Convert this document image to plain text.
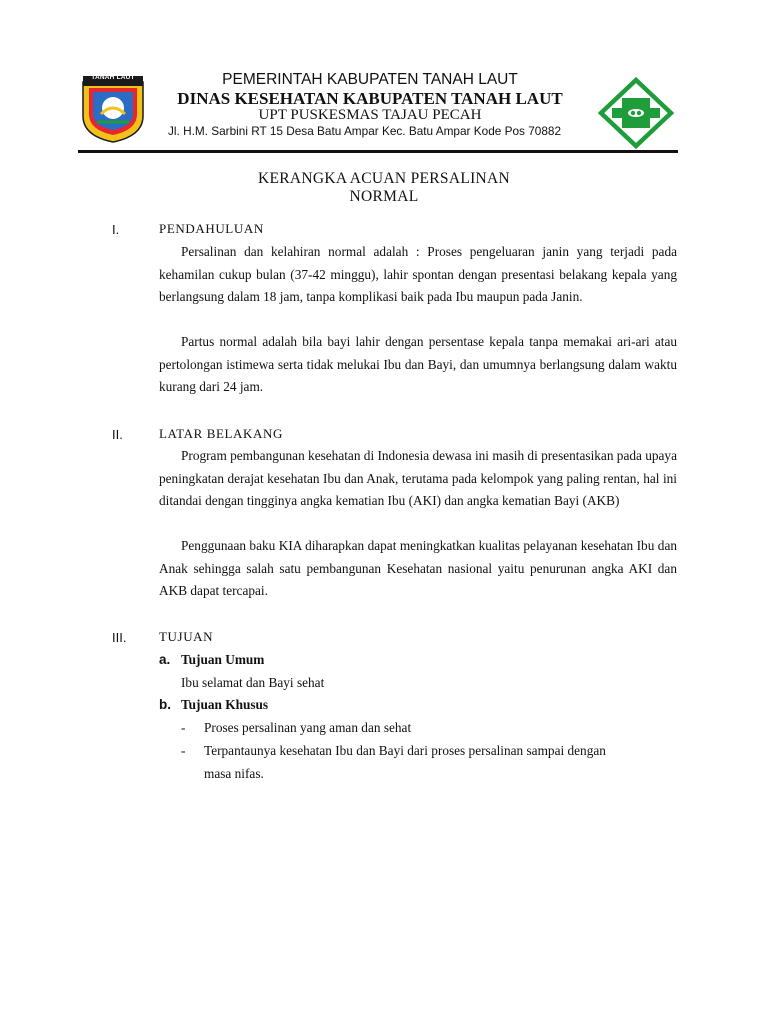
TANAH LAUT	PEMERINTAH KABUPATEN TANAH LAUT
DINAS KESEHATAN KABUPATEN TANAH LAUT
UPT PUSKESMAS TAJAU PECAH
Jl. H.M. Sarbini RT 15 Desa Batu Ampar Kec. Batu Ampar Kode Pos 70882
KERANGKA ACUAN PERSALINAN
NORMAL
I.	PENDAHULUAN

Persalinan dan kelahiran normal adalah : Proses pengeluaran janin yang terjadi pada kehamilan cukup bulan (37-42 minggu), lahir spontan dengan presentasi belakang kepala yang berlangsung dalam 18 jam, tanpa komplikasi baik pada Ibu maupun pada Janin.

Partus normal adalah bila bayi lahir dengan persentase kepala tanpa memakai ari-ari atau pertolongan istimewa serta tidak melukai Ibu dan Bayi, dan umumnya berlangsung dalam waktu kurang dari 24 jam.

II.	LATAR BELAKANG

Program pembangunan kesehatan di Indonesia dewasa ini masih di presentasikan pada upaya peningkatan derajat kesehatan Ibu dan Anak, terutama pada kelompok yang paling rentan, hal ini ditandai dengan tingginya angka kematian Ibu (AKI) dan angka kematian Bayi (AKB)

Penggunaan baku KIA diharapkan dapat meningkatkan kualitas pelayanan kesehatan Ibu dan Anak sehingga salah satu pembangunan Kesehatan nasional yaitu penurunan angka AKI dan AKB dapat tercapai.

III.	TUJUAN
a. Tujuan Umum
Ibu selamat dan Bayi sehat
b. Tujuan Khusus
- Proses persalinan yang aman dan sehat
- Terpantaunya kesehatan Ibu dan Bayi dari proses persalinan sampai dengan
masa nifas.
